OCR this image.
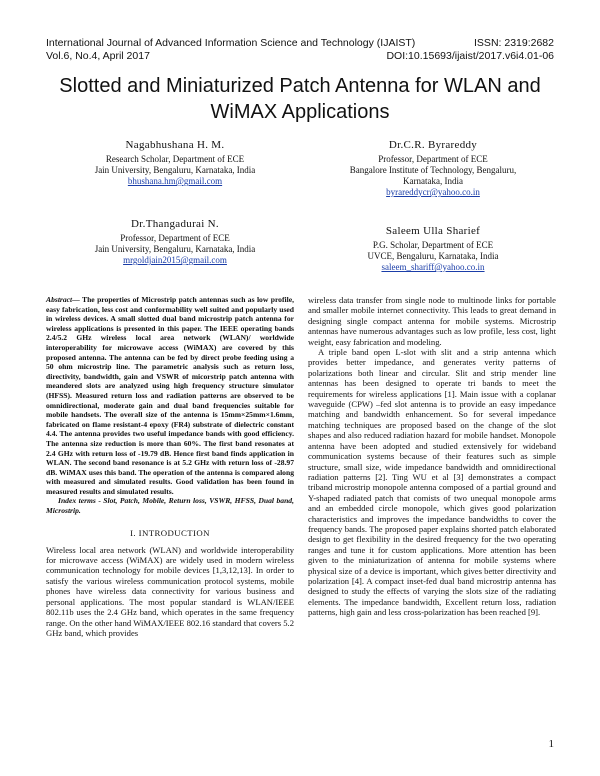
International Journal of Advanced Information Science and Technology (IJAIST)
Vol.6, No.4, April 2017
ISSN: 2319:2682
DOI:10.15693/ijaist/2017.v6i4.01-06
Slotted and Miniaturized Patch Antenna for WLAN and WiMAX Applications
Nagabhushana H. M.
Research Scholar, Department of ECE
Jain University, Bengaluru, Karnataka, India
bhushana.hm@gmail.com
Dr.C.R. Byrareddy
Professor, Department of ECE
Bangalore Institute of Technology, Bengaluru,
Karnataka, India
byrareddycr@yahoo.co.in
Dr.Thangadurai N.
Professor, Department of ECE
Jain University, Bengaluru, Karnataka, India
mrgoldjain2015@gmail.com
Saleem Ulla Sharief
P.G. Scholar, Department of ECE
UVCE, Bengaluru, Karnataka, India
saleem_shariff@yahoo.co.in

Abstract— The properties of Microstrip patch antennas such as low profile, easy fabrication, less cost and conformability well suited and popularly used in wireless devices. A small slotted dual band microstrip patch antenna for wireless applications is presented in this paper. The IEEE operating bands 2.4/5.2 GHz wireless local area network (WLAN)/ worldwide interoperability for microwave access (WiMAX) are covered by this proposed antenna. The antenna can be fed by direct probe feeding using a 50 ohm microstrip line. The parametric analysis such as return loss, directivity, bandwidth, gain and VSWR of micorstrip patch antenna with meandered slots are analyzed using high frequency structure simulator (HFSS). Measured return loss and radiation patterns are observed to be omnidirectional, moderate gain and dual band frequencies suitable for mobile handsets. The overall size of the antenna is 15mm×25mm×1.6mm, fabricated on flame resistant-4 epoxy (FR4) substrate of dielectric constant 4.4. The antenna provides two useful impedance bands with good efficiency. The antenna size reduction is more than 60%. The first band resonates at 2.4 GHz with return loss of -19.79 dB. Hence first band finds application in WLAN. The second band resonance is at 5.2 GHz with return loss of -28.97 dB. WiMAX uses this band. The operation of the antenna is compared along with measured and simulated results. Good validation has been found in measured results and simulated results.

Index terms - Slot, Patch, Mobile, Return loss, VSWR, HFSS, Dual band, Microstrip.

I. INTRODUCTION

Wireless local area network (WLAN) and worldwide interoperability for microwave access (WiMAX) are widely used in modern wireless communication technology for mobile devices [1,3,12,13]. In order to satisfy the various wireless communication protocol systems, mobile phones have wireless data connectivity for various business and personal applications. The most popular standard is WLAN/IEEE 802.11b uses the 2.4 GHz band, which operates in the same frequency range. On the other hand WiMAX/IEEE 802.16 standard that covers 5.2 GHz band, which provides

wireless data transfer from single node to multinode links for portable and smaller mobile internet connectivity. This leads to great demand in designing single compact antenna for mobile systems. Microstrip antennas have numerous advantages such as low profile, less cost, light weight, easy fabrication and modeling.

A triple band open L-slot with slit and a strip antenna which provides better impedance, and generates verity patterns of polarizations both linear and circular. Slit and strip mender line antennas has been designed to operate tri bands to meet the requirements for wireless applications [1]. Main issue with a coplanar waveguide (CPW) –fed slot antenna is to provide an easy impedance matching and bandwidth enhancement. So for several impedance matching techniques are proposed based on the change of the slot shapes and also reduced radiation hazard for mobile handset. Monopole antenna have been adopted and studied extensively for wideband communication systems because of their features such as simple structure, small size, wide impedance bandwidth and omnidirectional radiation patterns [2]. Ting WU et al [3] demonstrates a compact triband microstrip monopole antenna composed of a partial ground and Y-shaped radiated patch that comists of two unequal monopole arms and an embedded circle monopole, which gives good polarization characteristics and improves the impedance bandwidths to cover the frequency bands. The proposed paper explains shorted patch elaborated design to get flexibility in the desired frequency for the two operating ranges and tune it for custom applications. More attention has been given to the miniaturization of antenna for mobile systems where physical size of a device is important, which gives better directivity and polarization [4]. A compact inset-fed dual band microstrip antenna has designed to study the effects of varying the slots size of the radiating elements. The impedance bandwidth, Excellent return loss, radiation patterns, high gain and less cross-polarization has been reached [9].

1
